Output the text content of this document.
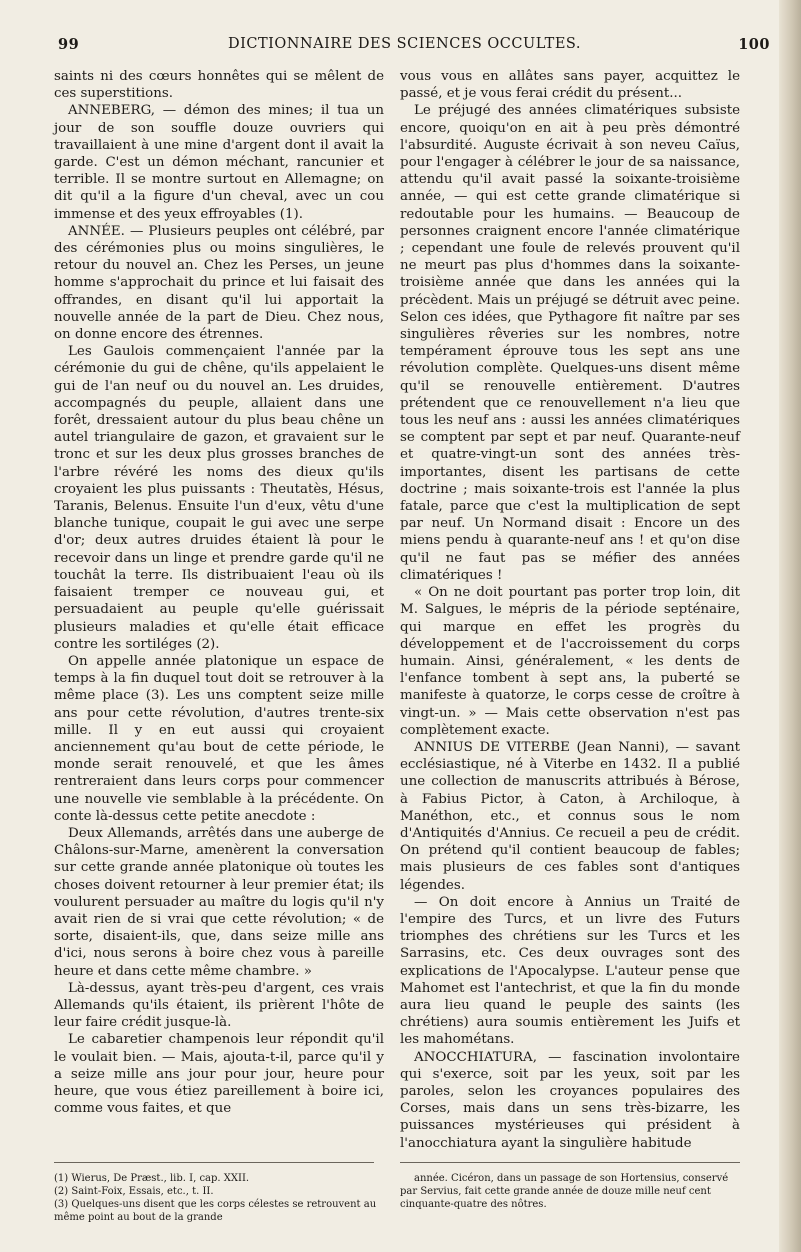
99	DICTIONNAIRE DES SCIENCES OCCULTES.	100

saints ni des cœurs honnêtes qui se mêlent de ces superstitions.

ANNEBERG, — démon des mines; il tua un jour de son souffle douze ouvriers qui travaillaient à une mine d'argent dont il avait la garde. C'est un démon méchant, rancunier et terrible. Il se montre surtout en Allemagne; on dit qu'il a la figure d'un cheval, avec un cou immense et des yeux effroyables (1).

ANNÉE. — Plusieurs peuples ont célébré, par des cérémonies plus ou moins singulières, le retour du nouvel an. Chez les Perses, un jeune homme s'approchait du prince et lui faisait des offrandes, en disant qu'il lui apportait la nouvelle année de la part de Dieu. Chez nous, on donne encore des étrennes.

Les Gaulois commençaient l'année par la cérémonie du gui de chêne, qu'ils appelaient le gui de l'an neuf ou du nouvel an. Les druides, accompagnés du peuple, allaient dans une forêt, dressaient autour du plus beau chêne un autel triangulaire de gazon, et gravaient sur le tronc et sur les deux plus grosses branches de l'arbre révéré les noms des dieux qu'ils croyaient les plus puissants : Theutatès, Hésus, Taranis, Belenus. Ensuite l'un d'eux, vêtu d'une blanche tunique, coupait le gui avec une serpe d'or; deux autres druides étaient là pour le recevoir dans un linge et prendre garde qu'il ne touchât la terre. Ils distribuaient l'eau où ils faisaient tremper ce nouveau gui, et persuadaient au peuple qu'elle guérissait plusieurs maladies et qu'elle était efficace contre les sortiléges (2).

On appelle année platonique un espace de temps à la fin duquel tout doit se retrouver à la même place (3). Les uns comptent seize mille ans pour cette révolution, d'autres trente-six mille. Il y en eut aussi qui croyaient anciennement qu'au bout de cette période, le monde serait renouvelé, et que les âmes rentreraient dans leurs corps pour commencer une nouvelle vie semblable à la précédente. On conte là-dessus cette petite anecdote :

Deux Allemands, arrêtés dans une auberge de Châlons-sur-Marne, amenèrent la conversation sur cette grande année platonique où toutes les choses doivent retourner à leur premier état; ils voulurent persuader au maître du logis qu'il n'y avait rien de si vrai que cette révolution; « de sorte, disaient-ils, que, dans seize mille ans d'ici, nous serons à boire chez vous à pareille heure et dans cette même chambre. »

Là-dessus, ayant très-peu d'argent, ces vrais Allemands qu'ils étaient, ils prièrent l'hôte de leur faire crédit jusque-là.

Le cabaretier champenois leur répondit qu'il le voulait bien. — Mais, ajouta-t-il, parce qu'il y a seize mille ans jour pour jour, heure pour heure, que vous étiez pareillement à boire ici, comme vous faites, et que

vous vous en allâtes sans payer, acquittez le passé, et je vous ferai crédit du présent...

Le préjugé des années climatériques subsiste encore, quoiqu'on en ait à peu près démontré l'absurdité. Auguste écrivait à son neveu Caïus, pour l'engager à célébrer le jour de sa naissance, attendu qu'il avait passé la soixante-troisième année, — qui est cette grande climatérique si redoutable pour les humains. — Beaucoup de personnes craignent encore l'année climatérique ; cependant une foule de relevés prouvent qu'il ne meurt pas plus d'hommes dans la soixante-troisième année que dans les années qui la précèdent. Mais un préjugé se détruit avec peine. Selon ces idées, que Pythagore fit naître par ses singulières rêveries sur les nombres, notre tempérament éprouve tous les sept ans une révolution complète. Quelques-uns disent même qu'il se renouvelle entièrement. D'autres prétendent que ce renouvellement n'a lieu que tous les neuf ans : aussi les années climatériques se comptent par sept et par neuf. Quarante-neuf et quatre-vingt-un sont des années très-importantes, disent les partisans de cette doctrine ; mais soixante-trois est l'année la plus fatale, parce que c'est la multiplication de sept par neuf. Un Normand disait : Encore un des miens pendu à quarante-neuf ans ! et qu'on dise qu'il ne faut pas se méfier des années climatériques !

« On ne doit pourtant pas porter trop loin, dit M. Salgues, le mépris de la période septénaire, qui marque en effet les progrès du développement et de l'accroissement du corps humain. Ainsi, généralement, « les dents de l'enfance tombent à sept ans, la puberté se manifeste à quatorze, le corps cesse de croître à vingt-un. » — Mais cette observation n'est pas complètement exacte.

ANNIUS DE VITERBE (Jean Nanni), — savant ecclésiastique, né à Viterbe en 1432. Il a publié une collection de manuscrits attribués à Bérose, à Fabius Pictor, à Caton, à Archiloque, à Manéthon, etc., et connus sous le nom d'Antiquités d'Annius. Ce recueil a peu de crédit. On prétend qu'il contient beaucoup de fables; mais plusieurs de ces fables sont d'antiques légendes.

— On doit encore à Annius un Traité de l'empire des Turcs, et un livre des Futurs triomphes des chrétiens sur les Turcs et les Sarrasins, etc. Ces deux ouvrages sont des explications de l'Apocalypse. L'auteur pense que Mahomet est l'antechrist, et que la fin du monde aura lieu quand le peuple des saints (les chrétiens) aura soumis entièrement les Juifs et les mahométans.

ANOCCHIATURA, — fascination involontaire qui s'exerce, soit par les yeux, soit par les paroles, selon les croyances populaires des Corses, mais dans un sens très-bizarre, les puissances mystérieuses qui président à l'anocchiatura ayant la singulière habitude

(1) Wierus, De Præst., lib. I, cap. XXII.
(2) Saint-Foix, Essais, etc., t. II.
(3) Quelques-uns disent que les corps célestes se retrouvent au même point au bout de la grande
année. Cicéron, dans un passage de son Hortensius, conservé par Servius, fait cette grande année de douze mille neuf cent cinquante-quatre des nôtres.
